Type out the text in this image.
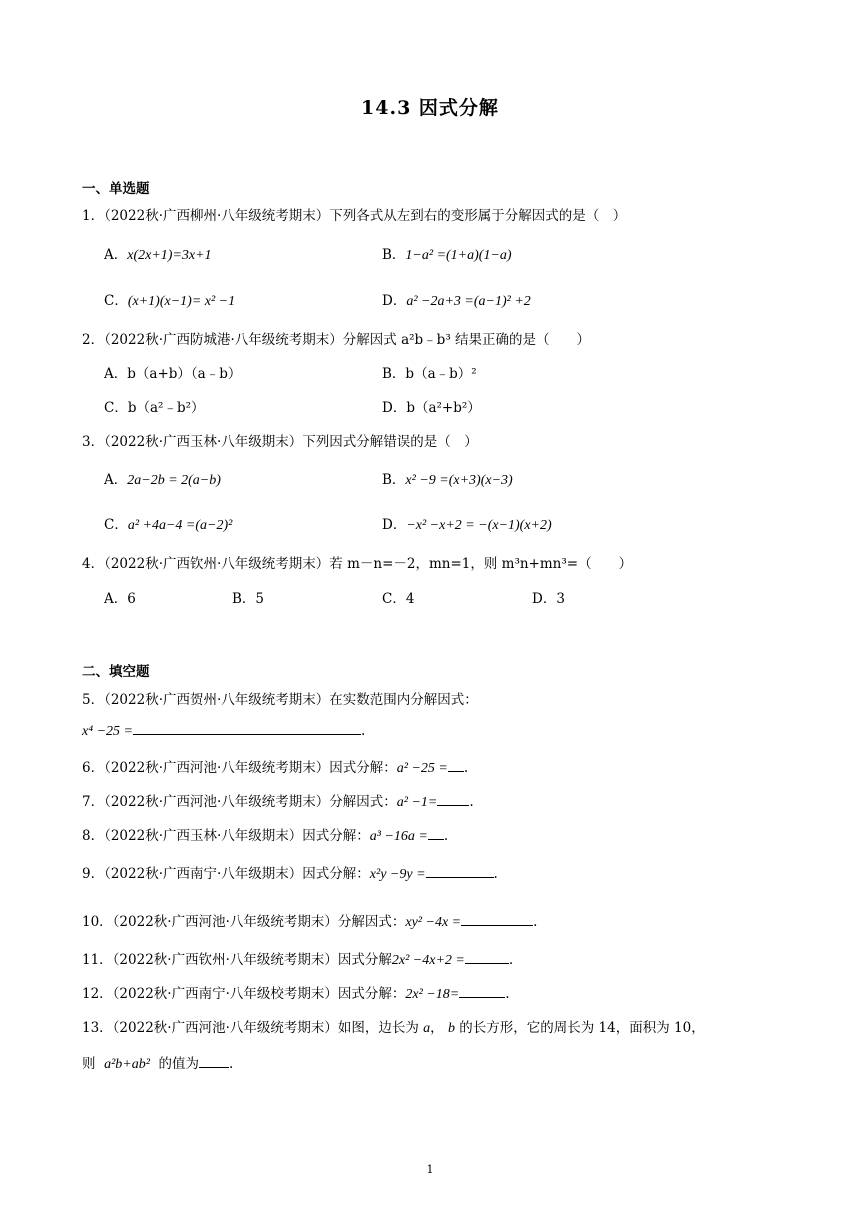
14.3 因式分解
一、单选题
1．（2022秋·广西柳州·八年级统考期末）下列各式从左到右的变形属于分解因式的是（　）
A．x(2x+1)=3x+1	B．1−a² =(1+a)(1−a)
C．(x+1)(x−1)= x² −1	D．a² −2a+3 =(a−1)² +2
2．（2022秋·广西防城港·八年级统考期末）分解因式 a²b﹣b³ 结果正确的是（　　）
A．b（a+b）（a﹣b）	B．b（a﹣b）²
C．b（a²﹣b²）	D．b（a²+b²）
3．（2022秋·广西玉林·八年级期末）下列因式分解错误的是（　）
A．2a−2b = 2(a−b)	B．x² −9 =(x+3)(x−3)
C．a² +4a−4 =(a−2)²	D．−x² −x+2 = −(x−1)(x+2)
4．（2022秋·广西钦州·八年级统考期末）若 m－n=－2，mn=1，则 m³n+mn³=（　　）
A．6	B．5	C．4	D．3
二、填空题
5．（2022秋·广西贺州·八年级统考期末）在实数范围内分解因式：
x⁴ −25 =	.
6．（2022秋·广西河池·八年级统考期末）因式分解：a² −25 = .
7．（2022秋·广西河池·八年级统考期末）分解因式：a² −1= .
8．（2022秋·广西玉林·八年级期末）因式分解：a³ −16a = .
9．（2022秋·广西南宁·八年级期末）因式分解：x²y −9y =	.
10．（2022秋·广西河池·八年级统考期末）分解因式：xy² −4x =	.
11．（2022秋·广西钦州·八年级统考期末）因式分解2x² −4x+2 =	.
12．（2022秋·广西南宁·八年级校考期末）因式分解：2x² −18=	.
13．（2022秋·广西河池·八年级统考期末）如图，边长为 a， b 的长方形，它的周长为 14，面积为 10，
则 a²b+ab² 的值为 .
1
